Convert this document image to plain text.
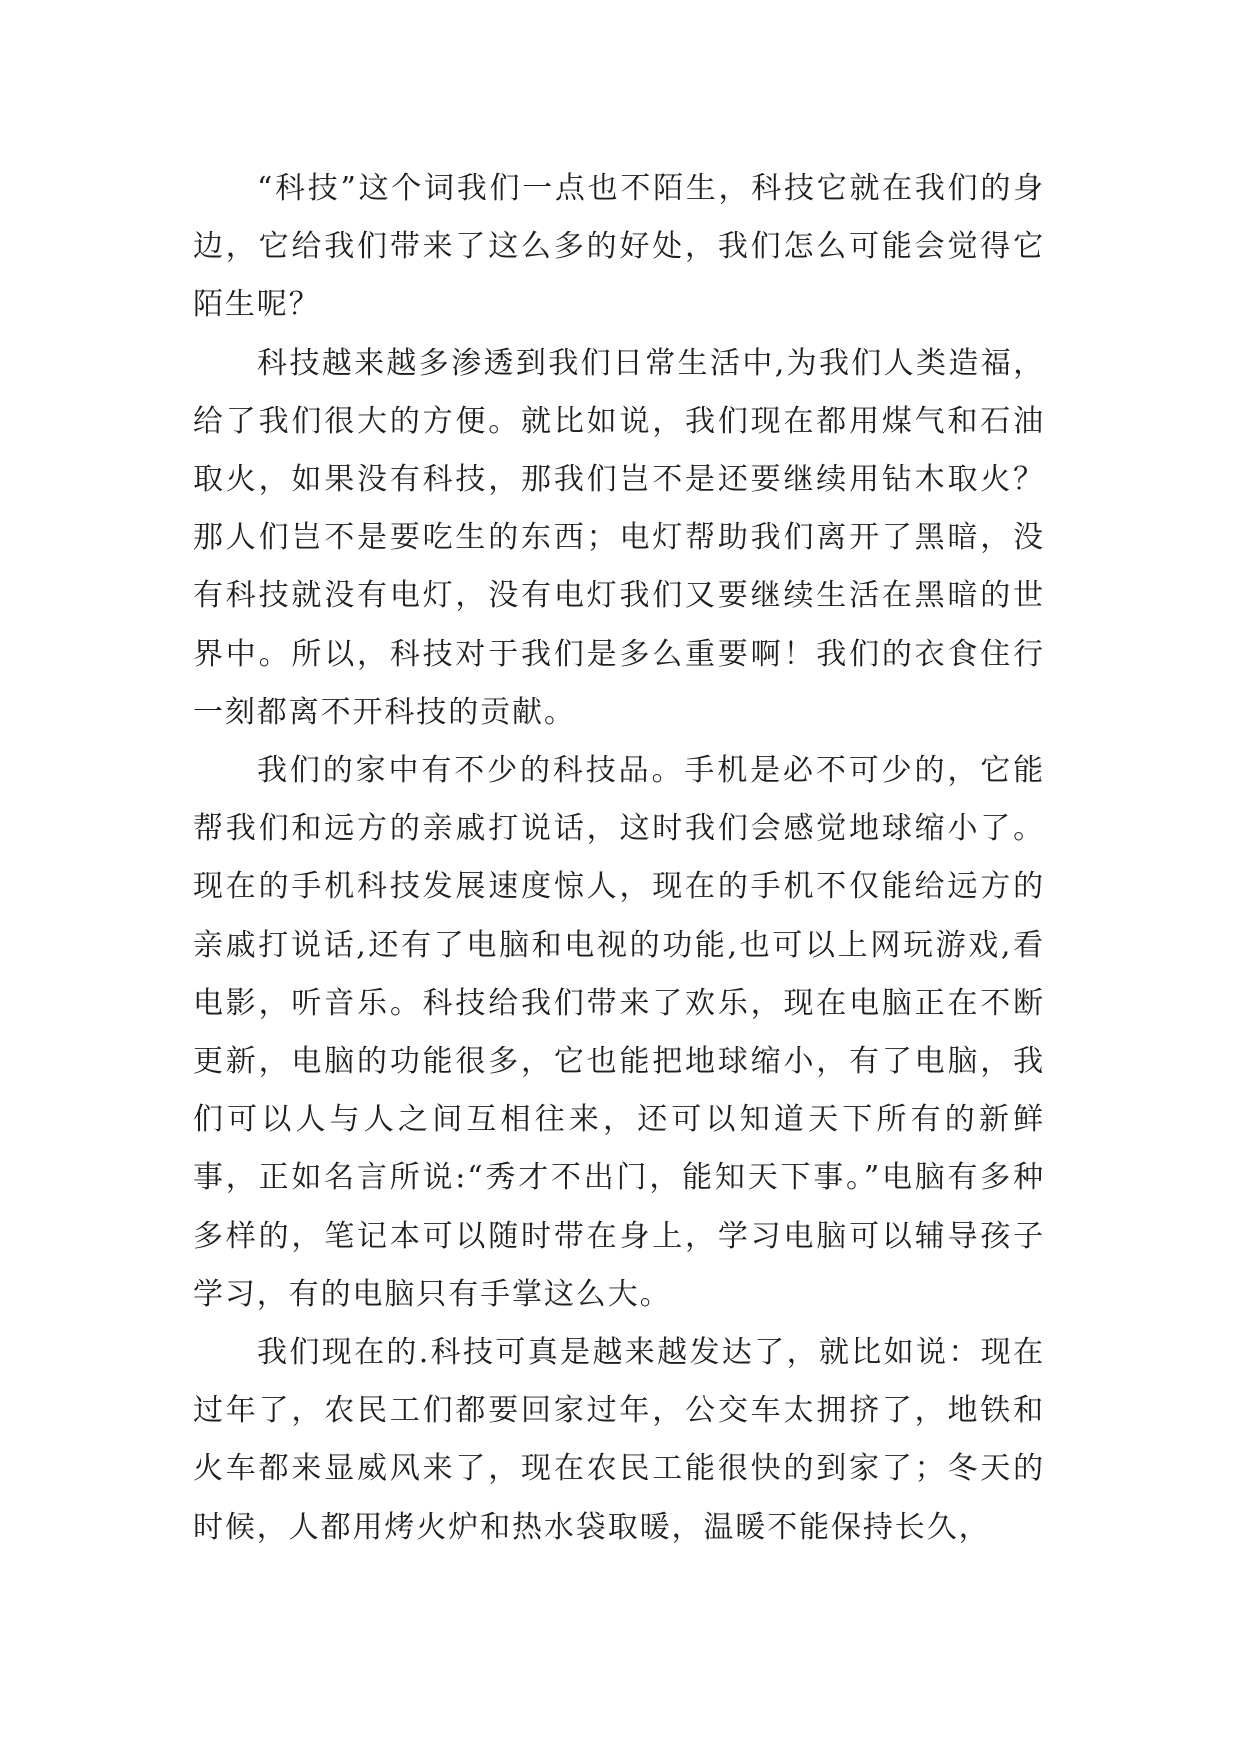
“科技”这个词我们一点也不陌生，科技它就在我们的身边，它给我们带来了这么多的好处，我们怎么可能会觉得它陌生呢？

科技越来越多渗透到我们日常生活中,为我们人类造福，给了我们很大的方便。就比如说，我们现在都用煤气和石油取火，如果没有科技，那我们岂不是还要继续用钻木取火？那人们岂不是要吃生的东西；电灯帮助我们离开了黑暗，没有科技就没有电灯，没有电灯我们又要继续生活在黑暗的世界中。所以，科技对于我们是多么重要啊！我们的衣食住行一刻都离不开科技的贡献。

我们的家中有不少的科技品。手机是必不可少的，它能帮我们和远方的亲戚打说话，这时我们会感觉地球缩小了。现在的手机科技发展速度惊人，现在的手机不仅能给远方的亲戚打说话,还有了电脑和电视的功能,也可以上网玩游戏,看电影，听音乐。科技给我们带来了欢乐，现在电脑正在不断更新，电脑的功能很多，它也能把地球缩小，有了电脑，我们可以人与人之间互相往来，还可以知道天下所有的新鲜事，正如名言所说:“秀才不出门，能知天下事。”电脑有多种多样的，笔记本可以随时带在身上，学习电脑可以辅导孩子学习，有的电脑只有手掌这么大。

我们现在的.科技可真是越来越发达了，就比如说：现在过年了，农民工们都要回家过年，公交车太拥挤了，地铁和火车都来显威风来了，现在农民工能很快的到家了；冬天的时候，人都用烤火炉和热水袋取暖，温暖不能保持长久，
